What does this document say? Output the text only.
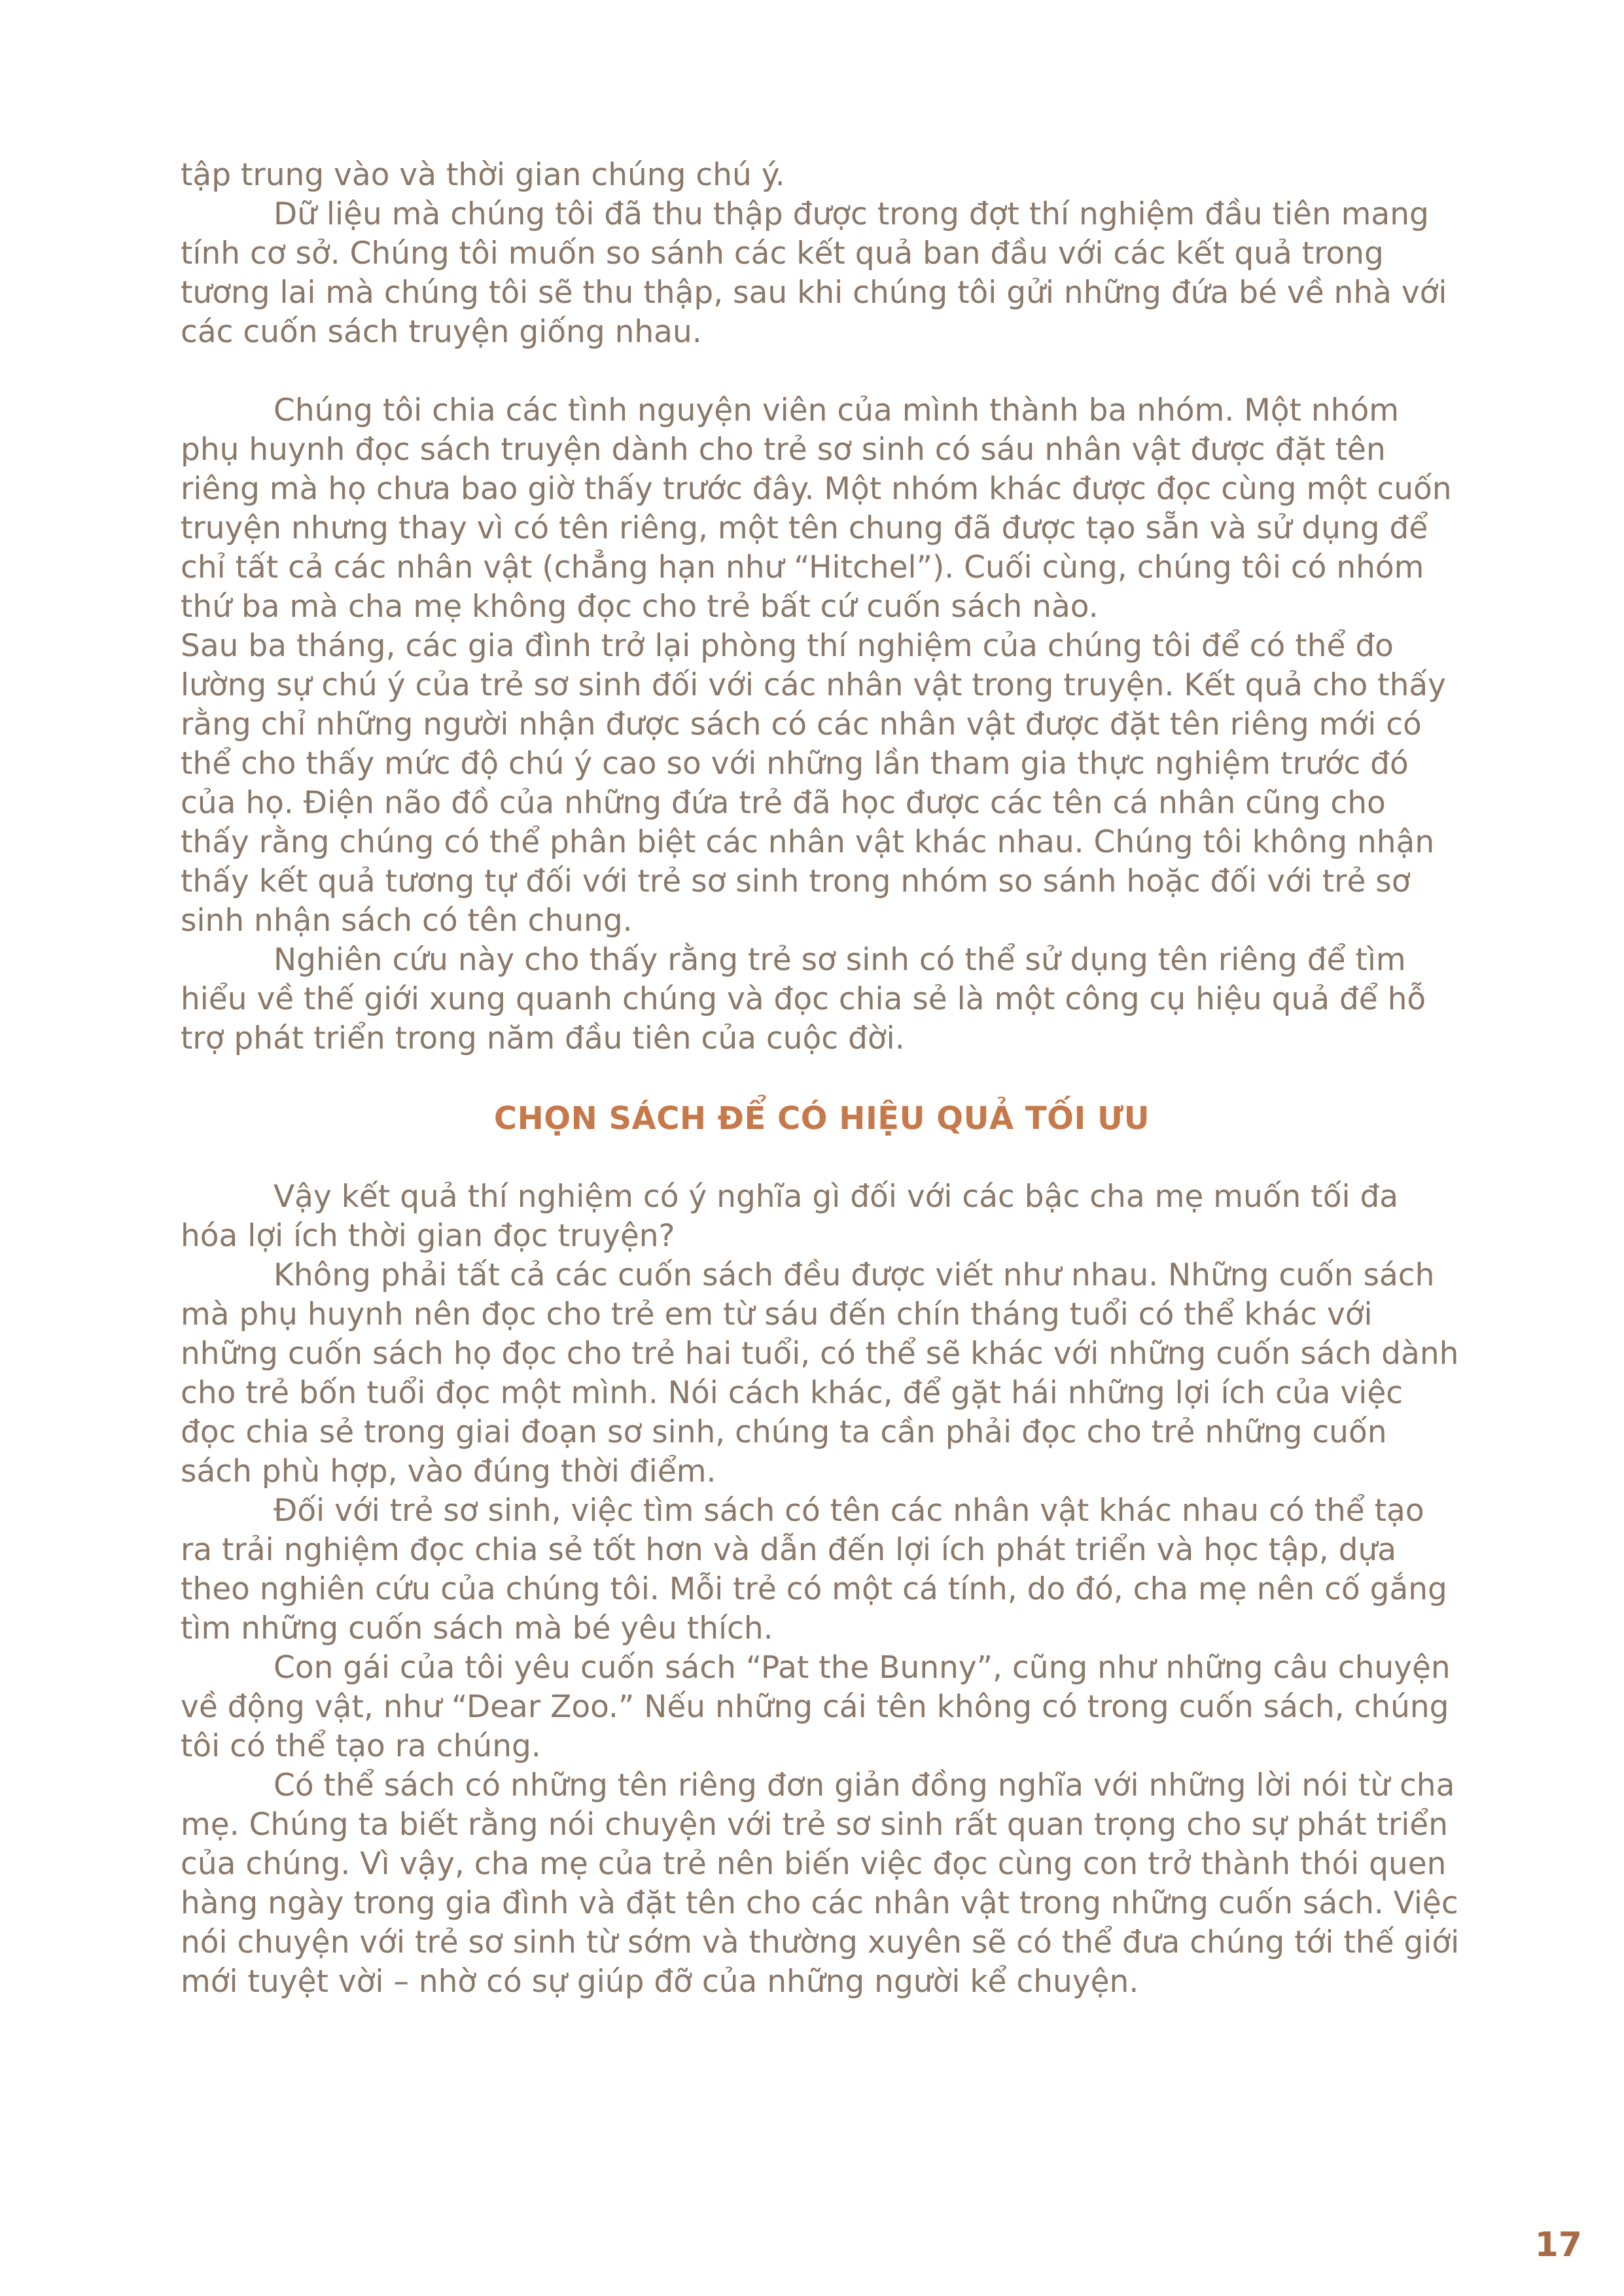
tập trung vào và thời gian chúng chú ý.

Dữ liệu mà chúng tôi đã thu thập được trong đợt thí nghiệm đầu tiên mang tính cơ sở. Chúng tôi muốn so sánh các kết quả ban đầu với các kết quả trong tương lai mà chúng tôi sẽ thu thập, sau khi chúng tôi gửi những đứa bé về nhà với các cuốn sách truyện giống nhau.

Chúng tôi chia các tình nguyện viên của mình thành ba nhóm. Một nhóm phụ huynh đọc sách truyện dành cho trẻ sơ sinh có sáu nhân vật được đặt tên riêng mà họ chưa bao giờ thấy trước đây. Một nhóm khác được đọc cùng một cuốn truyện nhưng thay vì có tên riêng, một tên chung đã được tạo sẵn và sử dụng để chỉ tất cả các nhân vật (chẳng hạn như “Hitchel”). Cuối cùng, chúng tôi có nhóm thứ ba mà cha mẹ không đọc cho trẻ bất cứ cuốn sách nào.

Sau ba tháng, các gia đình trở lại phòng thí nghiệm của chúng tôi để có thể đo lường sự chú ý của trẻ sơ sinh đối với các nhân vật trong truyện. Kết quả cho thấy rằng chỉ những người nhận được sách có các nhân vật được đặt tên riêng mới có thể cho thấy mức độ chú ý cao so với những lần tham gia thực nghiệm trước đó của họ. Điện não đồ của những đứa trẻ đã học được các tên cá nhân cũng cho thấy rằng chúng có thể phân biệt các nhân vật khác nhau. Chúng tôi không nhận thấy kết quả tương tự đối với trẻ sơ sinh trong nhóm so sánh hoặc đối với trẻ sơ sinh nhận sách có tên chung.

Nghiên cứu này cho thấy rằng trẻ sơ sinh có thể sử dụng tên riêng để tìm hiểu về thế giới xung quanh chúng và đọc chia sẻ là một công cụ hiệu quả để hỗ trợ phát triển trong năm đầu tiên của cuộc đời.

CHỌN SÁCH ĐỂ CÓ HIỆU QUẢ TỐI ƯU

Vậy kết quả thí nghiệm có ý nghĩa gì đối với các bậc cha mẹ muốn tối đa hóa lợi ích thời gian đọc truyện?

Không phải tất cả các cuốn sách đều được viết như nhau. Những cuốn sách mà phụ huynh nên đọc cho trẻ em từ sáu đến chín tháng tuổi có thể khác với những cuốn sách họ đọc cho trẻ hai tuổi, có thể sẽ khác với những cuốn sách dành cho trẻ bốn tuổi đọc một mình. Nói cách khác, để gặt hái những lợi ích của việc đọc chia sẻ trong giai đoạn sơ sinh, chúng ta cần phải đọc cho trẻ những cuốn sách phù hợp, vào đúng thời điểm.

Đối với trẻ sơ sinh, việc tìm sách có tên các nhân vật khác nhau có thể tạo ra trải nghiệm đọc chia sẻ tốt hơn và dẫn đến lợi ích phát triển và học tập, dựa theo nghiên cứu của chúng tôi. Mỗi trẻ có một cá tính, do đó, cha mẹ nên cố gắng tìm những cuốn sách mà bé yêu thích.

Con gái của tôi yêu cuốn sách “Pat the Bunny”, cũng như những câu chuyện về động vật, như “Dear Zoo.” Nếu những cái tên không có trong cuốn sách, chúng tôi có thể tạo ra chúng.

Có thể sách có những tên riêng đơn giản đồng nghĩa với những lời nói từ cha mẹ. Chúng ta biết rằng nói chuyện với trẻ sơ sinh rất quan trọng cho sự phát triển của chúng. Vì vậy, cha mẹ của trẻ nên biến việc đọc cùng con trở thành thói quen hàng ngày trong gia đình và đặt tên cho các nhân vật trong những cuốn sách. Việc nói chuyện với trẻ sơ sinh từ sớm và thường xuyên sẽ có thể đưa chúng tới thế giới mới tuyệt vời – nhờ có sự giúp đỡ của những người kể chuyện.

17
